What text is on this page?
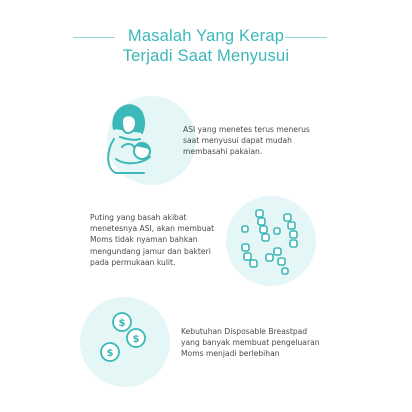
Masalah Yang Kerap
Terjadi Saat Menyusui
ASI yang menetes terus menerus
saat menyusui dapat mudah
membasahi pakaian.
Puting yang basah akibat
menetesnya ASI, akan membuat
Moms tidak nyaman bahkan
mengundang jamur dan bakteri
pada permukaan kulit.
$
$
$
Kebutuhan Disposable Breastpad
yang banyak membuat pengeluaran
Moms menjadi berlebihan
